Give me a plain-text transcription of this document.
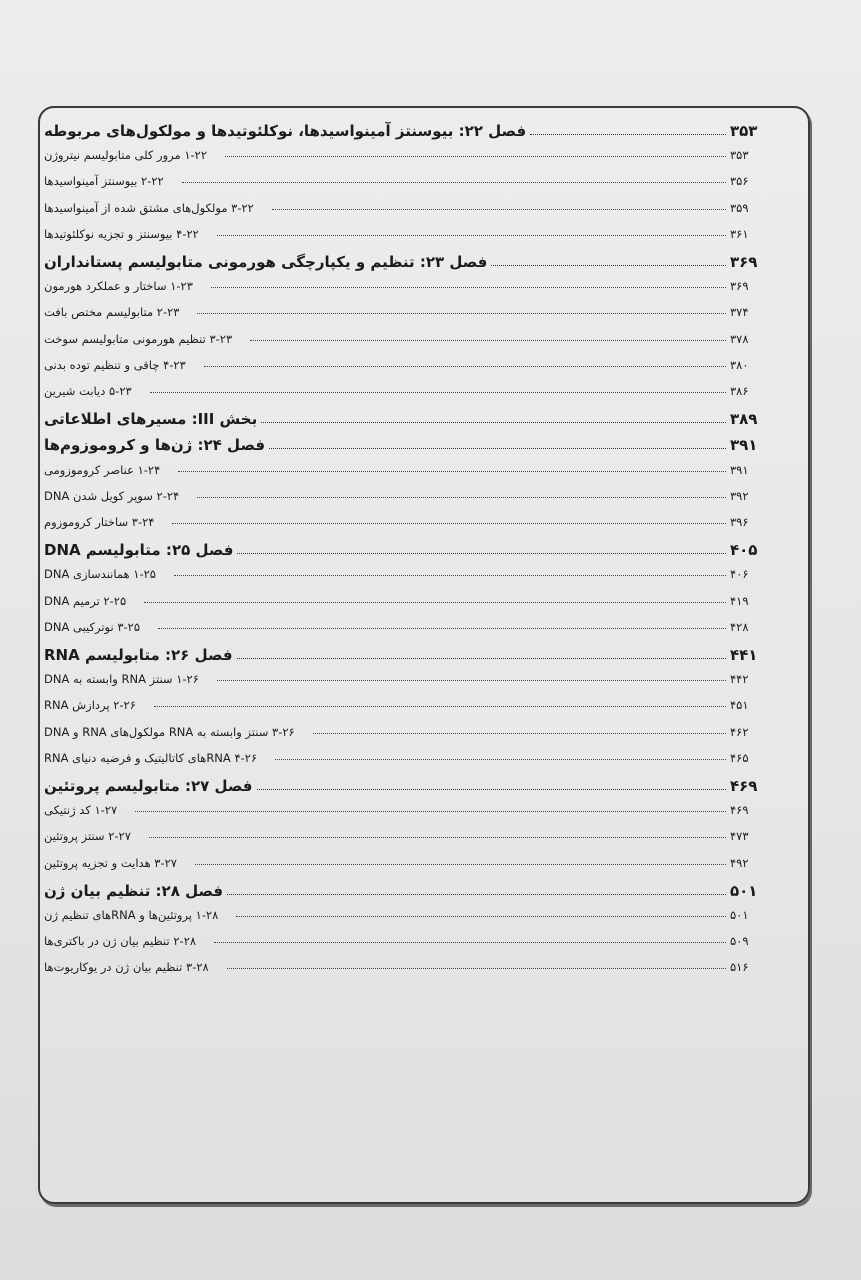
فصل ۲۲: بیوسنتز آمینواسیدها، نوکلئوتیدها و مولکول‌های مربوطه	۳۵۳
۱-۲۲ مرور کلی متابولیسم نیتروژن	۳۵۳
۲-۲۲ بیوسنتز آمینواسیدها	۳۵۶
۳-۲۲ مولکول‌های مشتق شده از آمینواسیدها	۳۵۹
۴-۲۲ بیوسنتز و تجزیه نوکلئوتیدها	۳۶۱
فصل ۲۳: تنظیم و یکپارچگی هورمونی متابولیسم پستانداران	۳۶۹
۱-۲۳ ساختار و عملکرد هورمون	۳۶۹
۲-۲۳ متابولیسم مختص بافت	۳۷۴
۳-۲۳ تنظیم هورمونی متابولیسم سوخت	۳۷۸
۴-۲۳ چاقی و تنظیم توده بدنی	۳۸۰
۵-۲۳ دیابت شیرین	۳۸۶
بخش III: مسیرهای اطلاعاتی	۳۸۹
فصل ۲۴: ژن‌ها و کروموزوم‌ها	۳۹۱
۱-۲۴ عناصر کروموزومی	۳۹۱
۲-۲۴ سوپر کویل شدن DNA	۳۹۲
۳-۲۴ ساختار کروموزوم	۳۹۶
فصل ۲۵: متابولیسم DNA	۴۰۵
۱-۲۵ همانندسازی DNA	۴۰۶
۲-۲۵ ترمیم DNA	۴۱۹
۳-۲۵ نوترکیبی DNA	۴۲۸
فصل ۲۶: متابولیسم RNA	۴۴۱
۱-۲۶ سنتز RNA وابسته به DNA	۴۴۲
۲-۲۶ پردازش RNA	۴۵۱
۳-۲۶ سنتز وابسته به RNA مولکول‌های RNA و DNA	۴۶۲
۴-۲۶ RNAهای کاتالیتیک و فرضیه دنیای RNA	۴۶۵
فصل ۲۷: متابولیسم پروتئین	۴۶۹
۱-۲۷ کد ژنتیکی	۴۶۹
۲-۲۷ سنتز پروتئین	۴۷۳
۳-۲۷ هدایت و تجزیه پروتئین	۴۹۲
فصل ۲۸: تنظیم بیان ژن	۵۰۱
۱-۲۸ پروتئین‌ها و RNAهای تنظیم ژن	۵۰۱
۲-۲۸ تنظیم بیان ژن در باکتری‌ها	۵۰۹
۳-۲۸ تنظیم بیان ژن در یوکاریوت‌ها	۵۱۶
